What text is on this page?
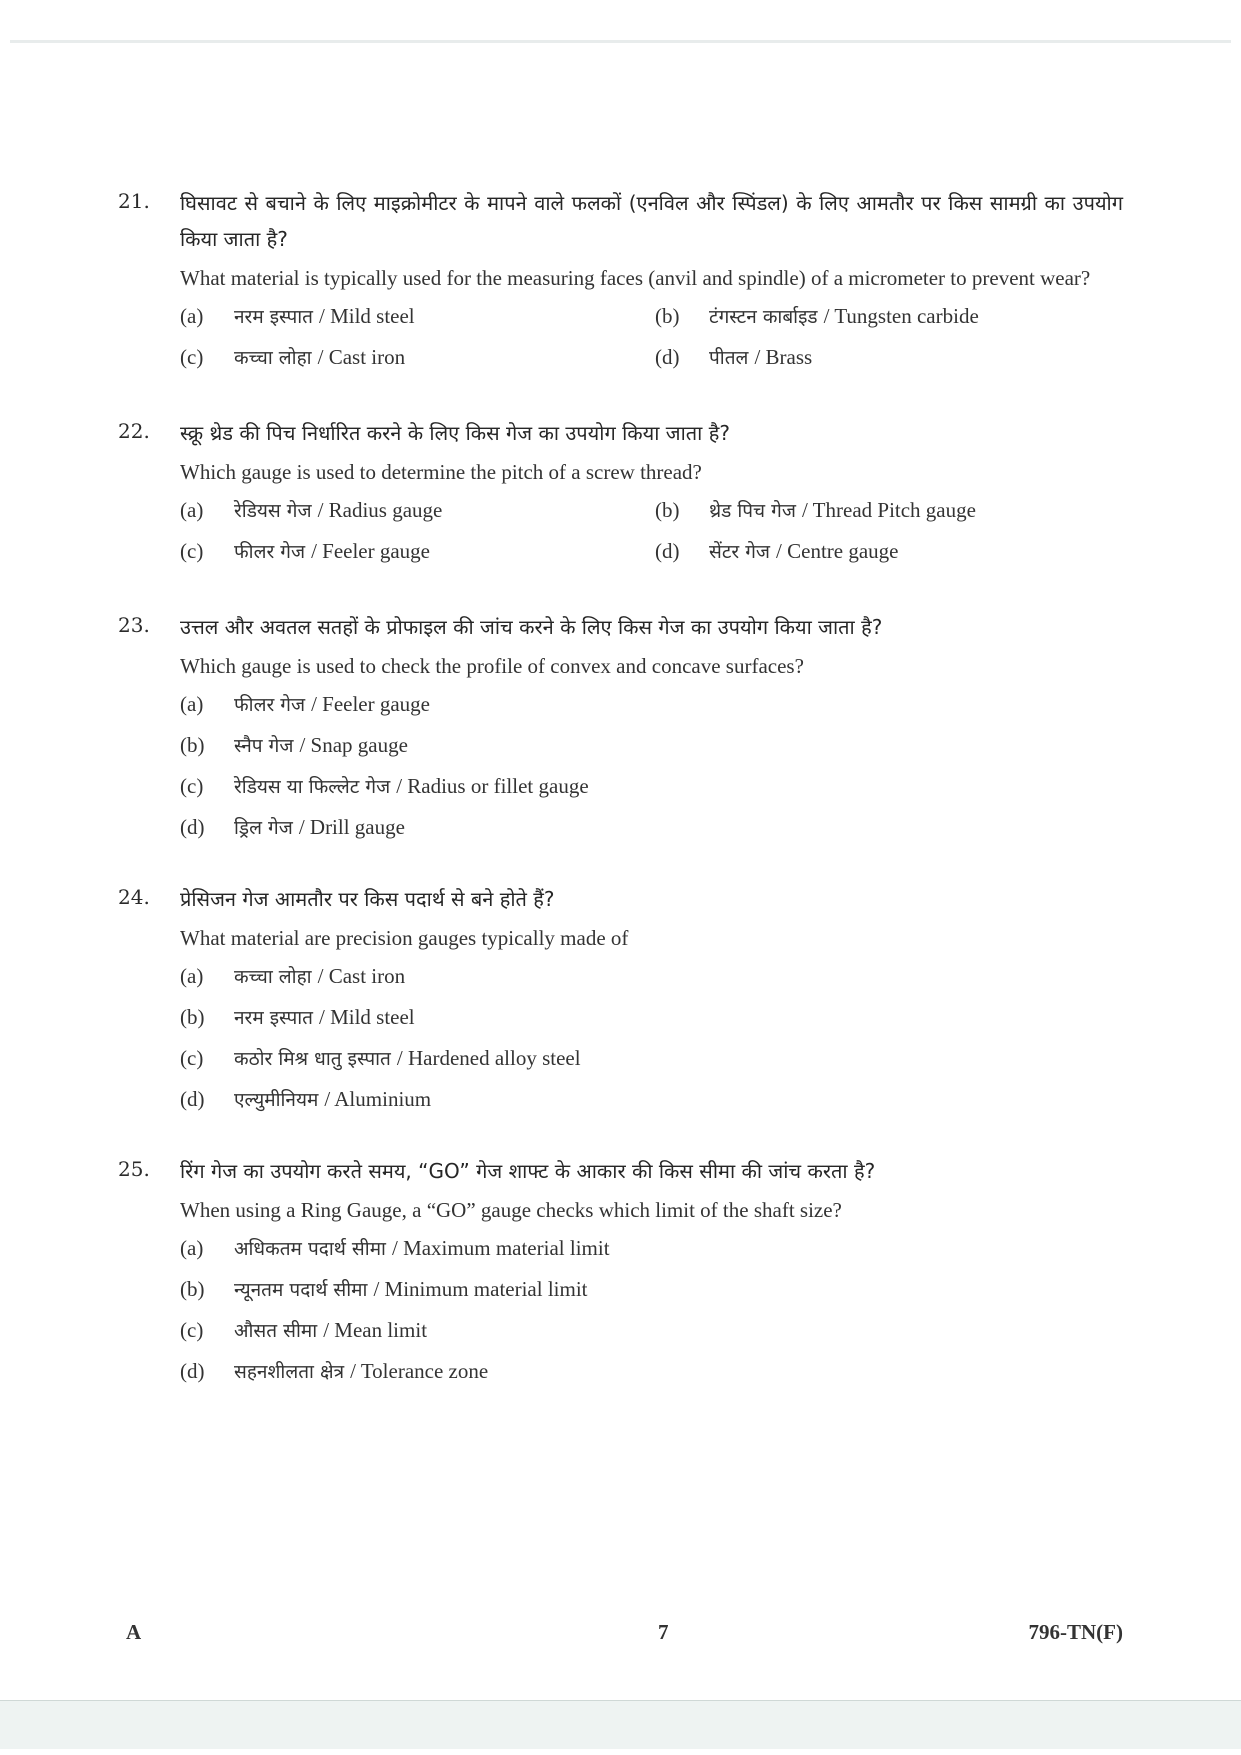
21. घिसावट से बचाने के लिए माइक्रोमीटर के मापने वाले फलकों (एनविल और स्पिंडल) के लिए आमतौर पर किस सामग्री का उपयोग किया जाता है?
What material is typically used for the measuring faces (anvil and spindle) of a micrometer to prevent wear?
(a)	नरम इस्पात / Mild steel	(b)	टंगस्टन कार्बाइड / Tungsten carbide
(c)	कच्चा लोहा / Cast iron	(d)	पीतल / Brass
22. स्क्रू थ्रेड की पिच निर्धारित करने के लिए किस गेज का उपयोग किया जाता है?
Which gauge is used to determine the pitch of a screw thread?
(a)	रेडियस गेज / Radius gauge	(b)	थ्रेड पिच गेज / Thread Pitch gauge
(c)	फीलर गेज / Feeler gauge	(d)	सेंटर गेज / Centre gauge
23. उत्तल और अवतल सतहों के प्रोफाइल की जांच करने के लिए किस गेज का उपयोग किया जाता है?
Which gauge is used to check the profile of convex and concave surfaces?
(a)	फीलर गेज / Feeler gauge
(b)	स्नैप गेज / Snap gauge
(c)	रेडियस या फिल्लेट गेज / Radius or fillet gauge
(d)	ड्रिल गेज / Drill gauge
24. प्रेसिजन गेज आमतौर पर किस पदार्थ से बने होते हैं?
What material are precision gauges typically made of
(a)	कच्चा लोहा / Cast iron
(b)	नरम इस्पात / Mild steel
(c)	कठोर मिश्र धातु इस्पात / Hardened alloy steel
(d)	एल्युमीनियम / Aluminium
25. रिंग गेज का उपयोग करते समय, “GO” गेज शाफ्ट के आकार की किस सीमा की जांच करता है?
When using a Ring Gauge, a “GO” gauge checks which limit of the shaft size?
(a)	अधिकतम पदार्थ सीमा / Maximum material limit
(b)	न्यूनतम पदार्थ सीमा / Minimum material limit
(c)	औसत सीमा / Mean limit
(d)	सहनशीलता क्षेत्र / Tolerance zone
A	7	796-TN(F)
